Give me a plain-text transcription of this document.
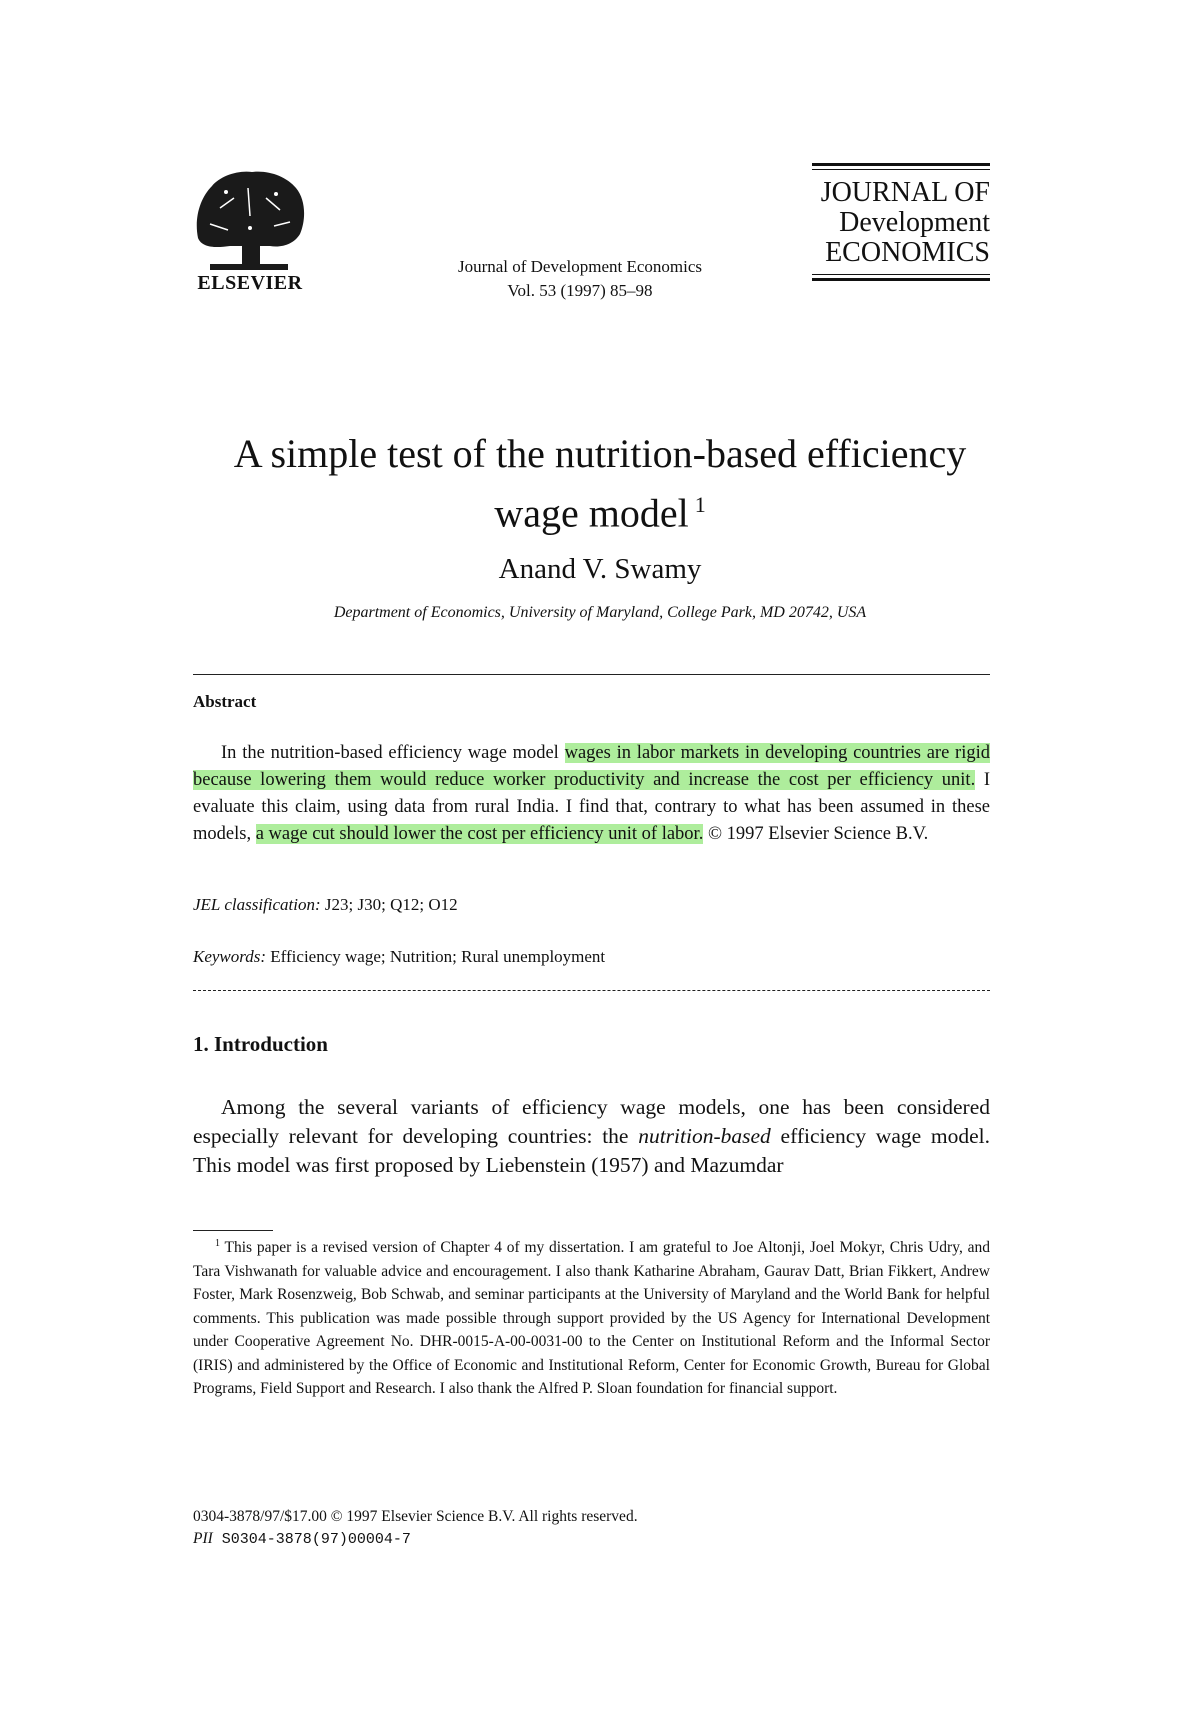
ELSEVIER
Journal of Development Economics
Vol. 53 (1997) 85–98
JOURNAL OF
Development
ECONOMICS
A simple test of the nutrition-based efficiency
wage model $^1$
Anand V. Swamy
Department of Economics, University of Maryland, College Park, MD 20742, USA
Abstract

In the nutrition-based efficiency wage model wages in labor markets in developing countries are rigid because lowering them would reduce worker productivity and increase the cost per efficiency unit. I evaluate this claim, using data from rural India. I find that, contrary to what has been assumed in these models, a wage cut should lower the cost per efficiency unit of labor. © 1997 Elsevier Science B.V.

JEL classification: J23; J30; Q12; O12
Keywords: Efficiency wage; Nutrition; Rural unemployment
1. Introduction

Among the several variants of efficiency wage models, one has been considered especially relevant for developing countries: the nutrition-based efficiency wage model. This model was first proposed by Liebenstein (1957) and Mazumdar

$^1$ This paper is a revised version of Chapter 4 of my dissertation. I am grateful to Joe Altonji, Joel Mokyr, Chris Udry, and Tara Vishwanath for valuable advice and encouragement. I also thank Katharine Abraham, Gaurav Datt, Brian Fikkert, Andrew Foster, Mark Rosenzweig, Bob Schwab, and seminar participants at the University of Maryland and the World Bank for helpful comments. This publication was made possible through support provided by the US Agency for International Development under Cooperative Agreement No. DHR-0015-A-00-0031-00 to the Center on Institutional Reform and the Informal Sector (IRIS) and administered by the Office of Economic and Institutional Reform, Center for Economic Growth, Bureau for Global Programs, Field Support and Research. I also thank the Alfred P. Sloan foundation for financial support.

0304-3878/97/$17.00 © 1997 Elsevier Science B.V. All rights reserved.
PII S0304-3878(97)00004-7
